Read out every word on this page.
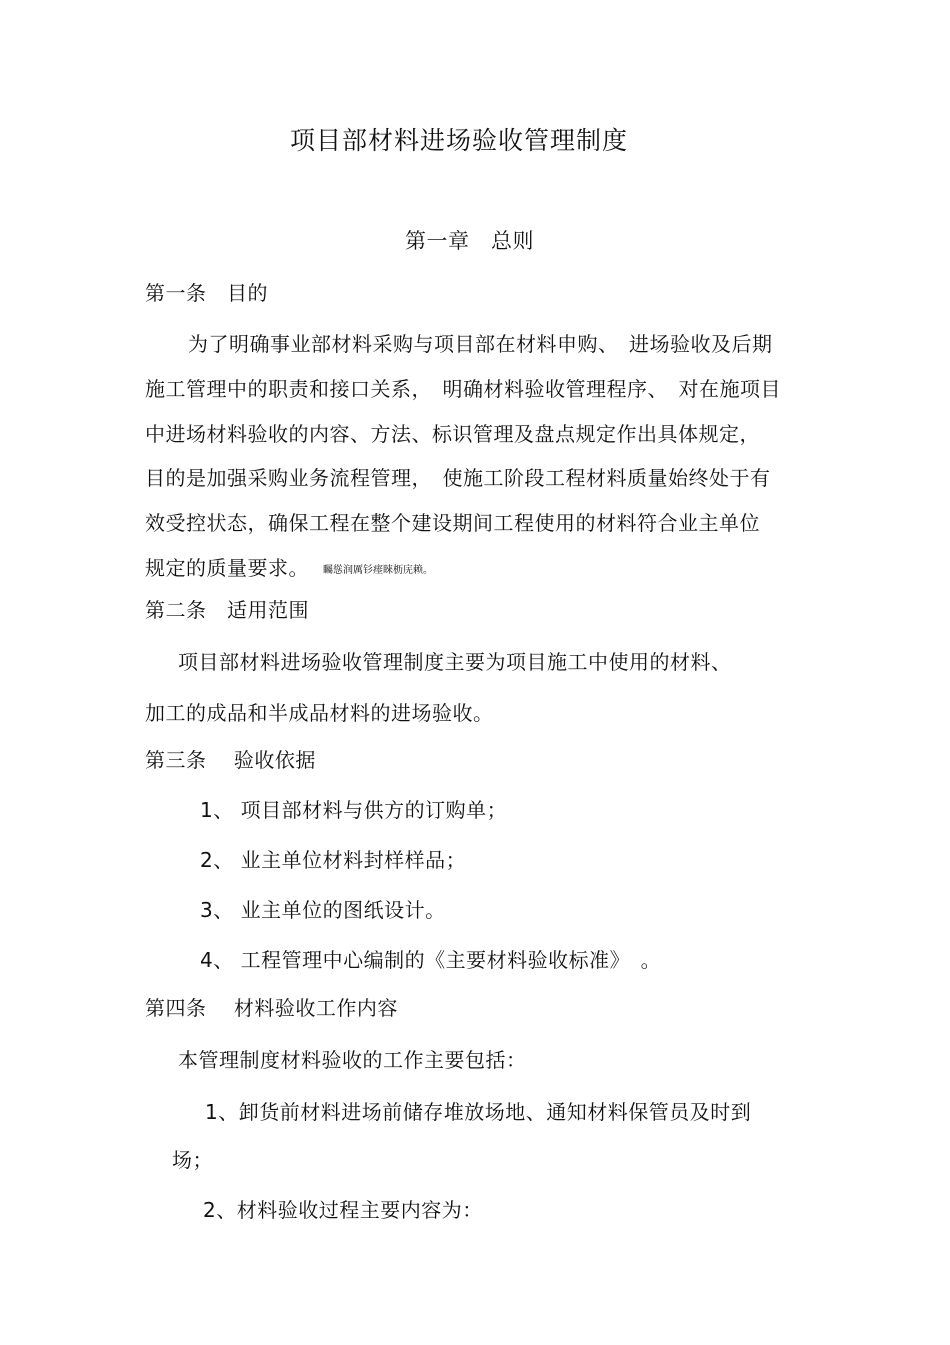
项目部材料进场验收管理制度
第一章　总则
第一条　目的
为了明确事业部材料采购与项目部在材料申购、　进场验收及后期
施工管理中的职责和接口关系，　明确材料验收管理程序、　对在施项目
中进场材料验收的内容、方法、标识管理及盘点规定作出具体规定，
目的是加强采购业务流程管理，　使施工阶段工程材料质量始终处于有
效受控状态，确保工程在整个建设期间工程使用的材料符合业主单位
规定的质量要求。 矚慫润厲钐瘗睞枥庑赖。
第二条　适用范围
项目部材料进场验收管理制度主要为项目施工中使用的材料、
加工的成品和半成品材料的进场验收。
第三条　 验收依据
1、 项目部材料与供方的订购单；
2、 业主单位材料封样样品；
3、 业主单位的图纸设计。
4、 工程管理中心编制的《主要材料验收标准》　。
第四条　 材料验收工作内容
本管理制度材料验收的工作主要包括：
1、卸货前材料进场前储存堆放场地、通知材料保管员及时到
场；
2、材料验收过程主要内容为：
